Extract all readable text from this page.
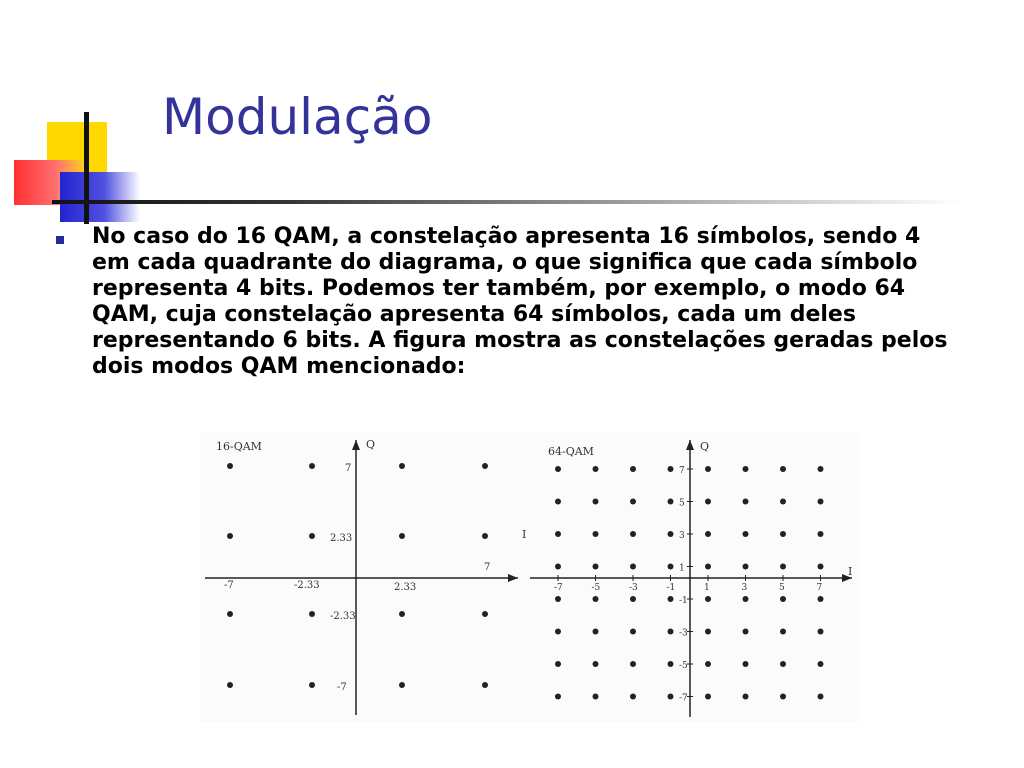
Modulação
No caso do 16 QAM, a constelação apresenta 16 símbolos, sendo 4 em cada quadrante do diagrama, o que significa que cada símbolo representa 4 bits. Podemos ter também, por exemplo, o modo 64 QAM, cuja constelação apresenta 64 símbolos, cada um deles representando 6 bits. A figura mostra as constelações geradas pelos dois modos QAM mencionado:
16-QAM	Q
-7	-2.33	2.33
7
7
2.33
-2.33
-7
64-QAM	Q
I
I
-7	-5	-3	-1	1	3	5	7
7
5
3
1
-1
-3
-5
-7
